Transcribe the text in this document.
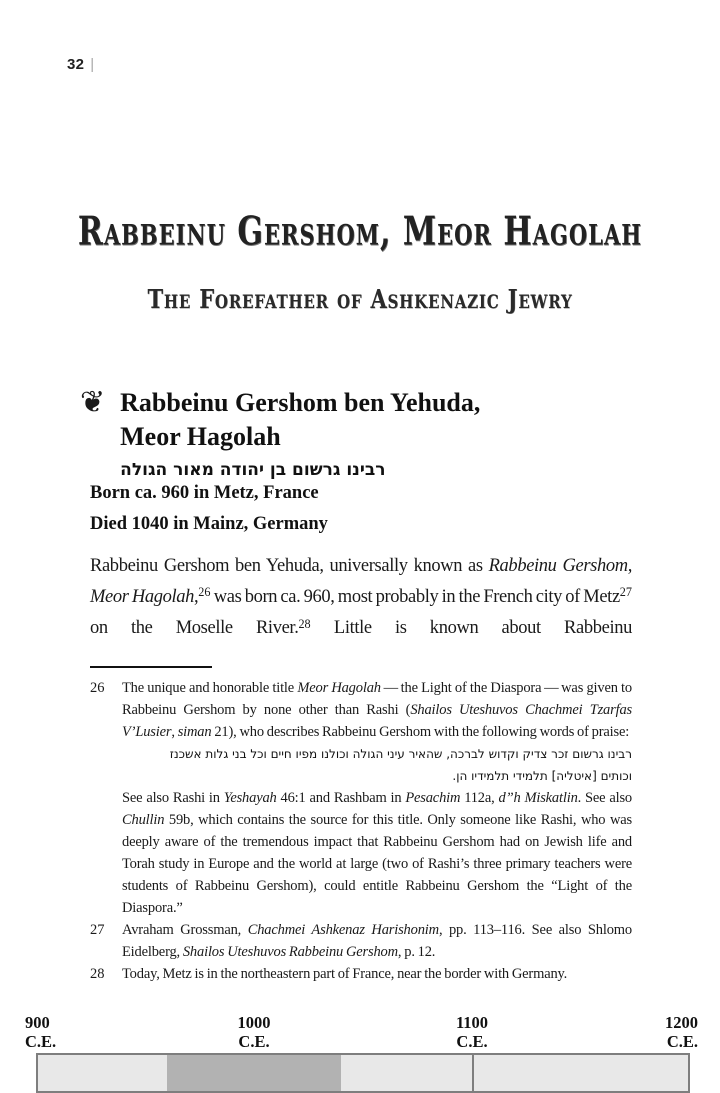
32 |
Rabbeinu Gershom, Meor Hagolah
The Forefather of Ashkenazic Jewry
❦ Rabbeinu Gershom ben Yehuda,
Meor Hagolah
רבינו גרשום בן יהודה מאור הגולה
Born ca. 960 in Metz, France
Died 1040 in Mainz, Germany

Rabbeinu Gershom ben Yehuda, universally known as Rabbeinu Gershom, Meor Hagolah,$^{26}$ was born ca. 960, most probably in the French city of Metz$^{27}$ on the Moselle River.$^{28}$ Little is known about Rabbeinu

26	The unique and honorable title Meor Hagolah — the Light of the Diaspora — was given to Rabbeinu Gershom by none other than Rashi (Shailos Uteshuvos Chachmei Tzarfas V’Lusier, siman 21), who describes Rabbeinu Gershom with the following words of praise:
רבינו גרשום זכר צדיק וקדוש לברכה, שהאיר עיני הגולה וכולנו מפיו חיים וכל בני גלות אשכנז
וכותים [איטליה] תלמידי תלמידיו הן.
See also Rashi in Yeshayah 46:1 and Rashbam in Pesachim 112a, d”h Miskatlin. See also Chullin 59b, which contains the source for this title. Only someone like Rashi, who was deeply aware of the tremendous impact that Rabbeinu Gershom had on Jewish life and Torah study in Europe and the world at large (two of Rashi’s three primary teachers were students of Rabbeinu Gershom), could entitle Rabbeinu Gershom the “Light of the Diaspora.”
27	Avraham Grossman, Chachmei Ashkenaz Harishonim, pp. 113–116. See also Shlomo Eidelberg, Shailos Uteshuvos Rabbeinu Gershom, p. 12.
28	Today, Metz is in the northeastern part of France, near the border with Germany.
900
C.E.
1000
C.E.
1100
C.E.
1200
C.E.
